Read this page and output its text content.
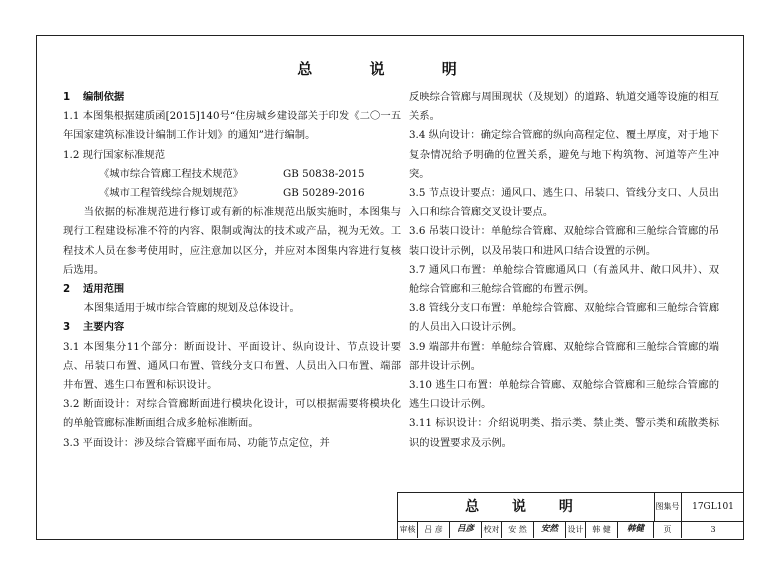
总 说 明

1 编制依据

1.1 本图集根据建质函[2015]140号“住房城乡建设部关于印发《二〇一五年国家建筑标准设计编制工作计划》的通知”进行编制。

1.2 现行国家标准规范

《城市综合管廊工程技术规范》	GB 50838-2015
《城市工程管线综合规划规范》	GB 50289-2016

当依据的标准规范进行修订或有新的标准规范出版实施时，本图集与现行工程建设标准不符的内容、限制或淘汰的技术或产品，视为无效。工程技术人员在参考使用时，应注意加以区分，并应对本图集内容进行复核后选用。

2 适用范围

本图集适用于城市综合管廊的规划及总体设计。

3 主要内容

3.1 本图集分11个部分：断面设计、平面设计、纵向设计、节点设计要点、吊装口布置、通风口布置、管线分支口布置、人员出入口布置、端部井布置、逃生口布置和标识设计。

3.2 断面设计：对综合管廊断面进行模块化设计，可以根据需要将模块化的单舱管廊标准断面组合成多舱标准断面。

3.3 平面设计：涉及综合管廊平面布局、功能节点定位，并

反映综合管廊与周围现状（及规划）的道路、轨道交通等设施的相互关系。

3.4 纵向设计：确定综合管廊的纵向高程定位、覆土厚度，对于地下复杂情况给予明确的位置关系，避免与地下构筑物、河道等产生冲突。

3.5 节点设计要点：通风口、逃生口、吊装口、管线分支口、人员出入口和综合管廊交叉设计要点。

3.6 吊装口设计：单舱综合管廊、双舱综合管廊和三舱综合管廊的吊装口设计示例，以及吊装口和进风口结合设置的示例。

3.7 通风口布置：单舱综合管廊通风口（有盖风井、敞口风井）、双舱综合管廊和三舱综合管廊的布置示例。

3.8 管线分支口布置：单舱综合管廊、双舱综合管廊和三舱综合管廊的人员出入口设计示例。

3.9 端部井布置：单舱综合管廊、双舱综合管廊和三舱综合管廊的端部井设计示例。

3.10 逃生口布置：单舱综合管廊、双舱综合管廊和三舱综合管廊的逃生口设计示例。

3.11 标识设计：介绍说明类、指示类、禁止类、警示类和疏散类标识的设置要求及示例。

总 说 明	图集号	17GL101
审核	吕 彦	吕彦	校对	安 然	安然	设计	韩 健	韩健	页	3
